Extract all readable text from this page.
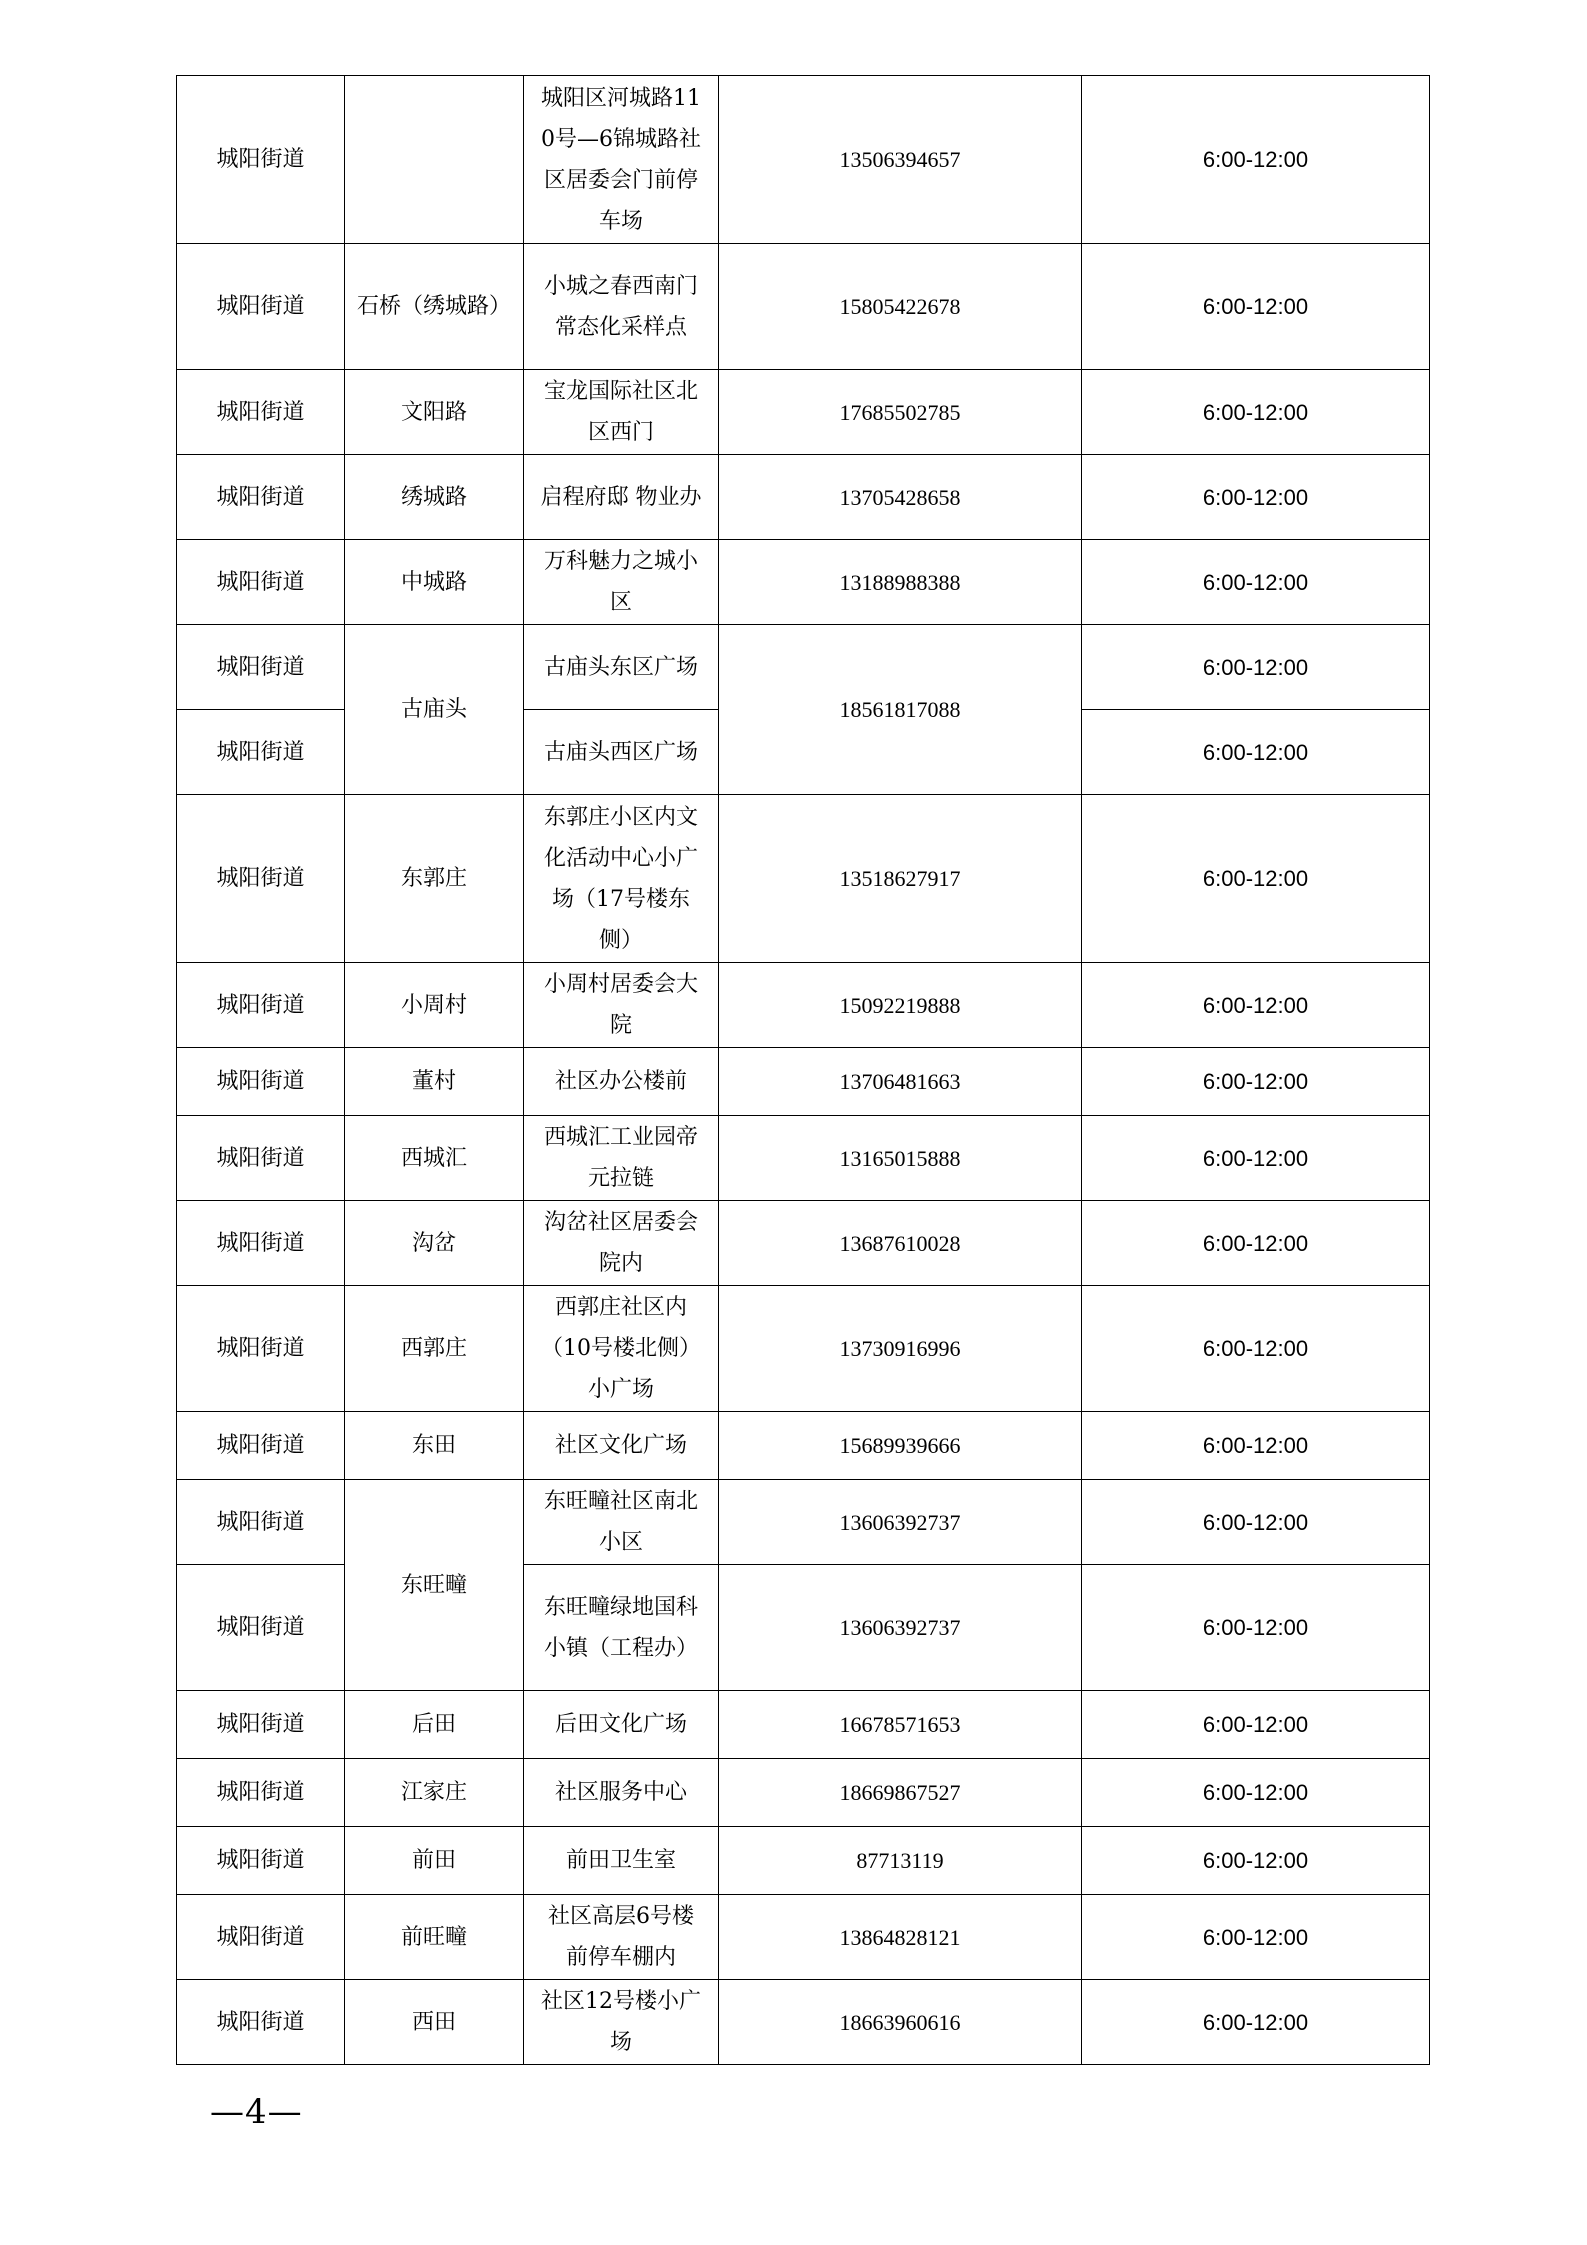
城阳街道		城阳区河城路110号—6锦城路社区居委会门前停车场	13506394657	6:00-12:00
城阳街道	石桥（绣城路）	小城之春西南门常态化采样点	15805422678	6:00-12:00
城阳街道	文阳路	宝龙国际社区北区西门	17685502785	6:00-12:00
城阳街道	绣城路	启程府邸 物业办	13705428658	6:00-12:00
城阳街道	中城路	万科魅力之城小区	13188988388	6:00-12:00
城阳街道	古庙头	古庙头东区广场	18561817088	6:00-12:00
城阳街道		古庙头西区广场		6:00-12:00
城阳街道	东郭庄	东郭庄小区内文化活动中心小广场（17号楼东侧）	13518627917	6:00-12:00
城阳街道	小周村	小周村居委会大院	15092219888	6:00-12:00
城阳街道	董村	社区办公楼前	13706481663	6:00-12:00
城阳街道	西城汇	西城汇工业园帝元拉链	13165015888	6:00-12:00
城阳街道	沟岔	沟岔社区居委会院内	13687610028	6:00-12:00
城阳街道	西郭庄	西郭庄社区内（10号楼北侧）小广场	13730916996	6:00-12:00
城阳街道	东田	社区文化广场	15689939666	6:00-12:00
城阳街道	东旺疃	东旺疃社区南北小区	13606392737	6:00-12:00
城阳街道		东旺疃绿地国科小镇（工程办）	13606392737	6:00-12:00
城阳街道	后田	后田文化广场	16678571653	6:00-12:00
城阳街道	江家庄	社区服务中心	18669867527	6:00-12:00
城阳街道	前田	前田卫生室	87713119	6:00-12:00
城阳街道	前旺疃	社区高层6号楼前停车棚内	13864828121	6:00-12:00
城阳街道	西田	社区12号楼小广场	18663960616	6:00-12:00
—4—
